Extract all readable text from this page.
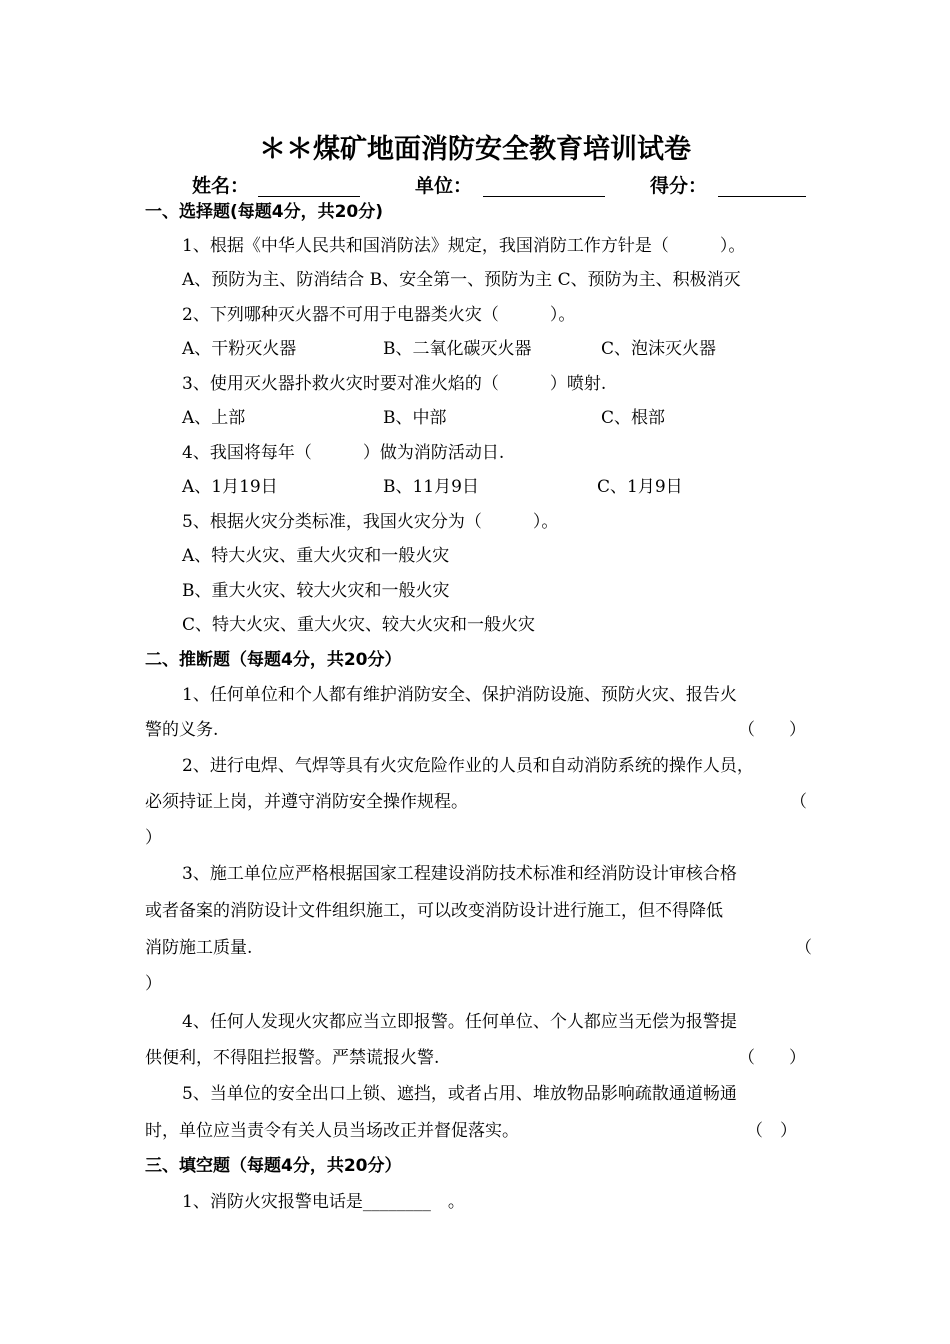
＊＊煤矿地面消防安全教育培训试卷
姓名：	单位：	得分：
一、选择题(每题4分，共20分)
1、根据《中华人民共和国消防法》规定，我国消防工作方针是（　　　）。
A、预防为主、防消结合 B、安全第一、预防为主 C、预防为主、积极消灭
2、下列哪种灭火器不可用于电器类火灾（　　　）。
A、干粉灭火器	B、二氧化碳灭火器	C、泡沫灭火器
3、使用灭火器扑救火灾时要对准火焰的（　　　）喷射.
A、上部	B、中部	C、根部
4、我国将每年（　　　）做为消防活动日.
A、1月19日	B、11月9日	C、1月9日
5、根据火灾分类标准，我国火灾分为（　　　）。
A、特大火灾、重大火灾和一般火灾
B、重大火灾、较大火灾和一般火灾
C、特大火灾、重大火灾、较大火灾和一般火灾
二、推断题（每题4分，共20分）
1、任何单位和个人都有维护消防安全、保护消防设施、预防火灾、报告火
警的义务.	（　　）
2、进行电焊、气焊等具有火灾危险作业的人员和自动消防系统的操作人员，
必须持证上岗，并遵守消防安全操作规程。	（
）
3、施工单位应严格根据国家工程建设消防技术标准和经消防设计审核合格
或者备案的消防设计文件组织施工，可以改变消防设计进行施工，但不得降低
消防施工质量.	（
）
4、任何人发现火灾都应当立即报警。任何单位、个人都应当无偿为报警提
供便利，不得阻拦报警。严禁谎报火警.	（　　）
5、当单位的安全出口上锁、遮挡，或者占用、堆放物品影响疏散通道畅通
时，单位应当责令有关人员当场改正并督促落实。	（　）
三、填空题（每题4分，共20分）
1、消防火灾报警电话是________　。
